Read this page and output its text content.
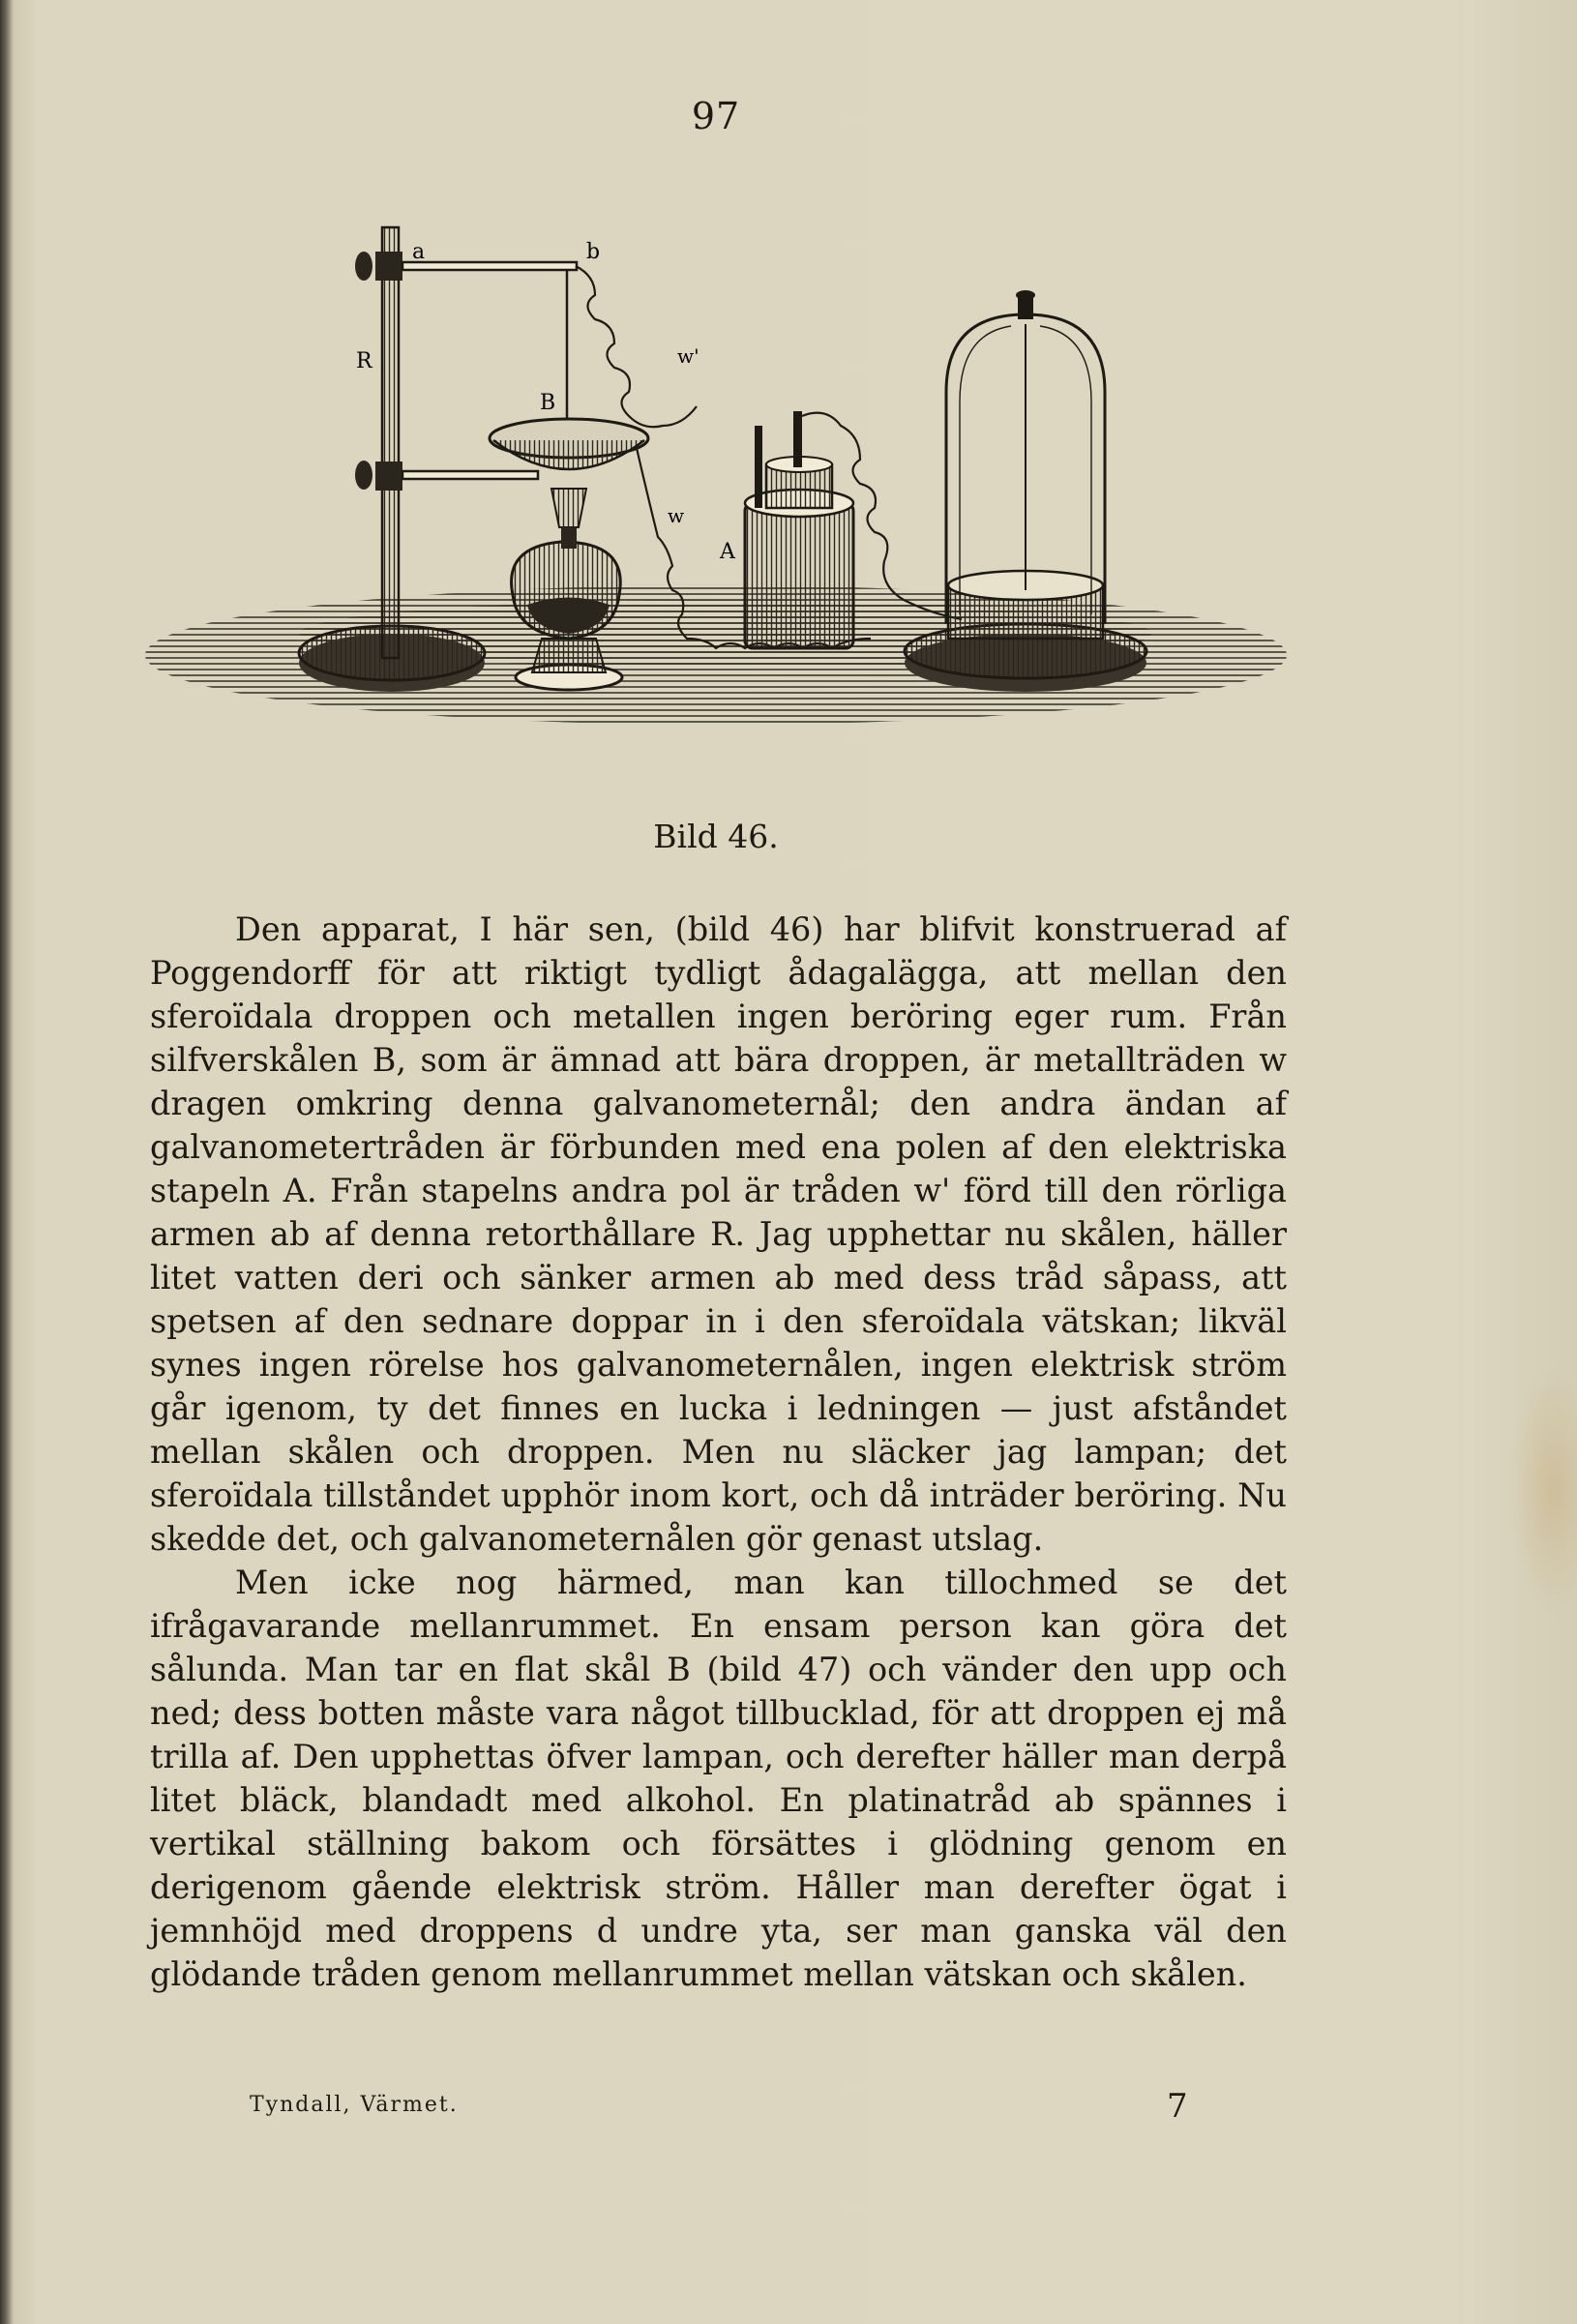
97
a	b
R
B
w'
w
A
Bild 46.

Den apparat, I här sen, (bild 46) har blifvit konstruerad af Poggendorff för att riktigt tydligt ådagalägga, att mellan den sferoïdala droppen och metallen ingen beröring eger rum. Från silfverskålen B, som är ämnad att bära droppen, är metallträden w dragen omkring denna galvanometernål; den andra ändan af galvanometertråden är förbunden med ena polen af den elektriska stapeln A. Från stapelns andra pol är tråden w' förd till den rörliga armen ab af denna retorthållare R. Jag upphettar nu skålen, häller litet vatten deri och sänker armen ab med dess tråd såpass, att spetsen af den sednare doppar in i den sferoïdala vätskan; likväl synes ingen rörelse hos galvanometernålen, ingen elektrisk ström går igenom, ty det finnes en lucka i ledningen — just afståndet mellan skålen och droppen. Men nu släcker jag lampan; det sferoïdala tillståndet upphör inom kort, och då inträder beröring. Nu skedde det, och galvanometernålen gör genast utslag.

Men icke nog härmed, man kan tillochmed se det ifrågavarande mellanrummet. En ensam person kan göra det sålunda. Man tar en flat skål B (bild 47) och vänder den upp och ned; dess botten måste vara något tillbucklad, för att droppen ej må trilla af. Den upphettas öfver lampan, och derefter häller man derpå litet bläck, blandadt med alkohol. En platinatråd ab spännes i vertikal ställning bakom och försättes i glödning genom en derigenom gående elektrisk ström. Håller man derefter ögat i jemnhöjd med droppens d undre yta, ser man ganska väl den glödande tråden genom mellanrummet mellan vätskan och skålen.

Tyndall, Värmet.	7
